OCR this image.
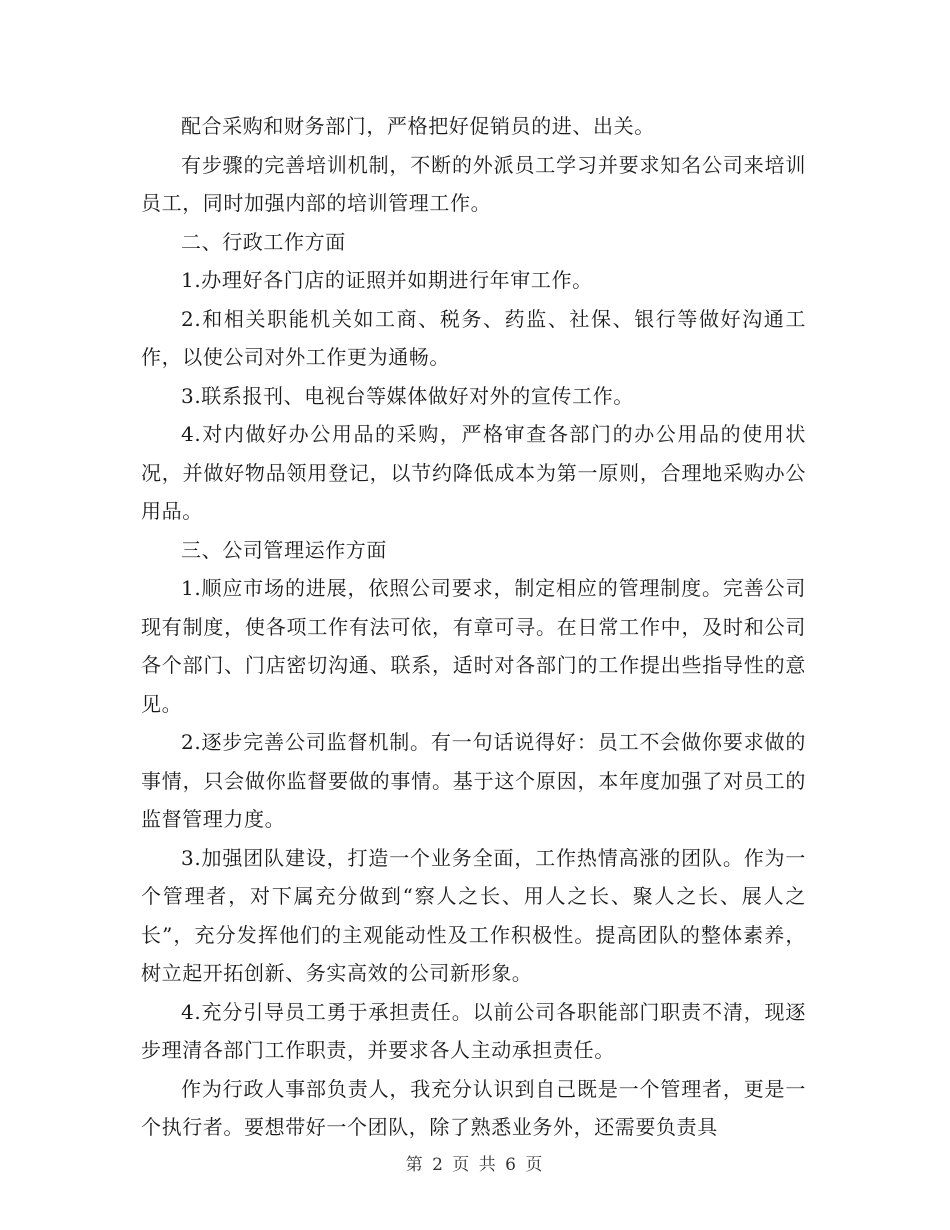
配合采购和财务部门，严格把好促销员的进、出关。

有步骤的完善培训机制，不断的外派员工学习并要求知名公司来培训员工，同时加强内部的培训管理工作。

二、行政工作方面

1.办理好各门店的证照并如期进行年审工作。

2.和相关职能机关如工商、税务、药监、社保、银行等做好沟通工作，以使公司对外工作更为通畅。

3.联系报刊、电视台等媒体做好对外的宣传工作。

4.对内做好办公用品的采购，严格审查各部门的办公用品的使用状况，并做好物品领用登记，以节约降低成本为第一原则，合理地采购办公用品。

三、公司管理运作方面

1.顺应市场的进展，依照公司要求，制定相应的管理制度。完善公司现有制度，使各项工作有法可依，有章可寻。在日常工作中，及时和公司各个部门、门店密切沟通、联系，适时对各部门的工作提出些指导性的意见。

2.逐步完善公司监督机制。有一句话说得好：员工不会做你要求做的事情，只会做你监督要做的事情。基于这个原因，本年度加强了对员工的监督管理力度。

3.加强团队建设，打造一个业务全面，工作热情高涨的团队。作为一个管理者，对下属充分做到“察人之长、用人之长、聚人之长、展人之长”，充分发挥他们的主观能动性及工作积极性。提高团队的整体素养，树立起开拓创新、务实高效的公司新形象。

4.充分引导员工勇于承担责任。以前公司各职能部门职责不清，现逐步理清各部门工作职责，并要求各人主动承担责任。

作为行政人事部负责人，我充分认识到自己既是一个管理者，更是一个执行者。要想带好一个团队，除了熟悉业务外，还需要负责具

第 2 页 共 6 页
